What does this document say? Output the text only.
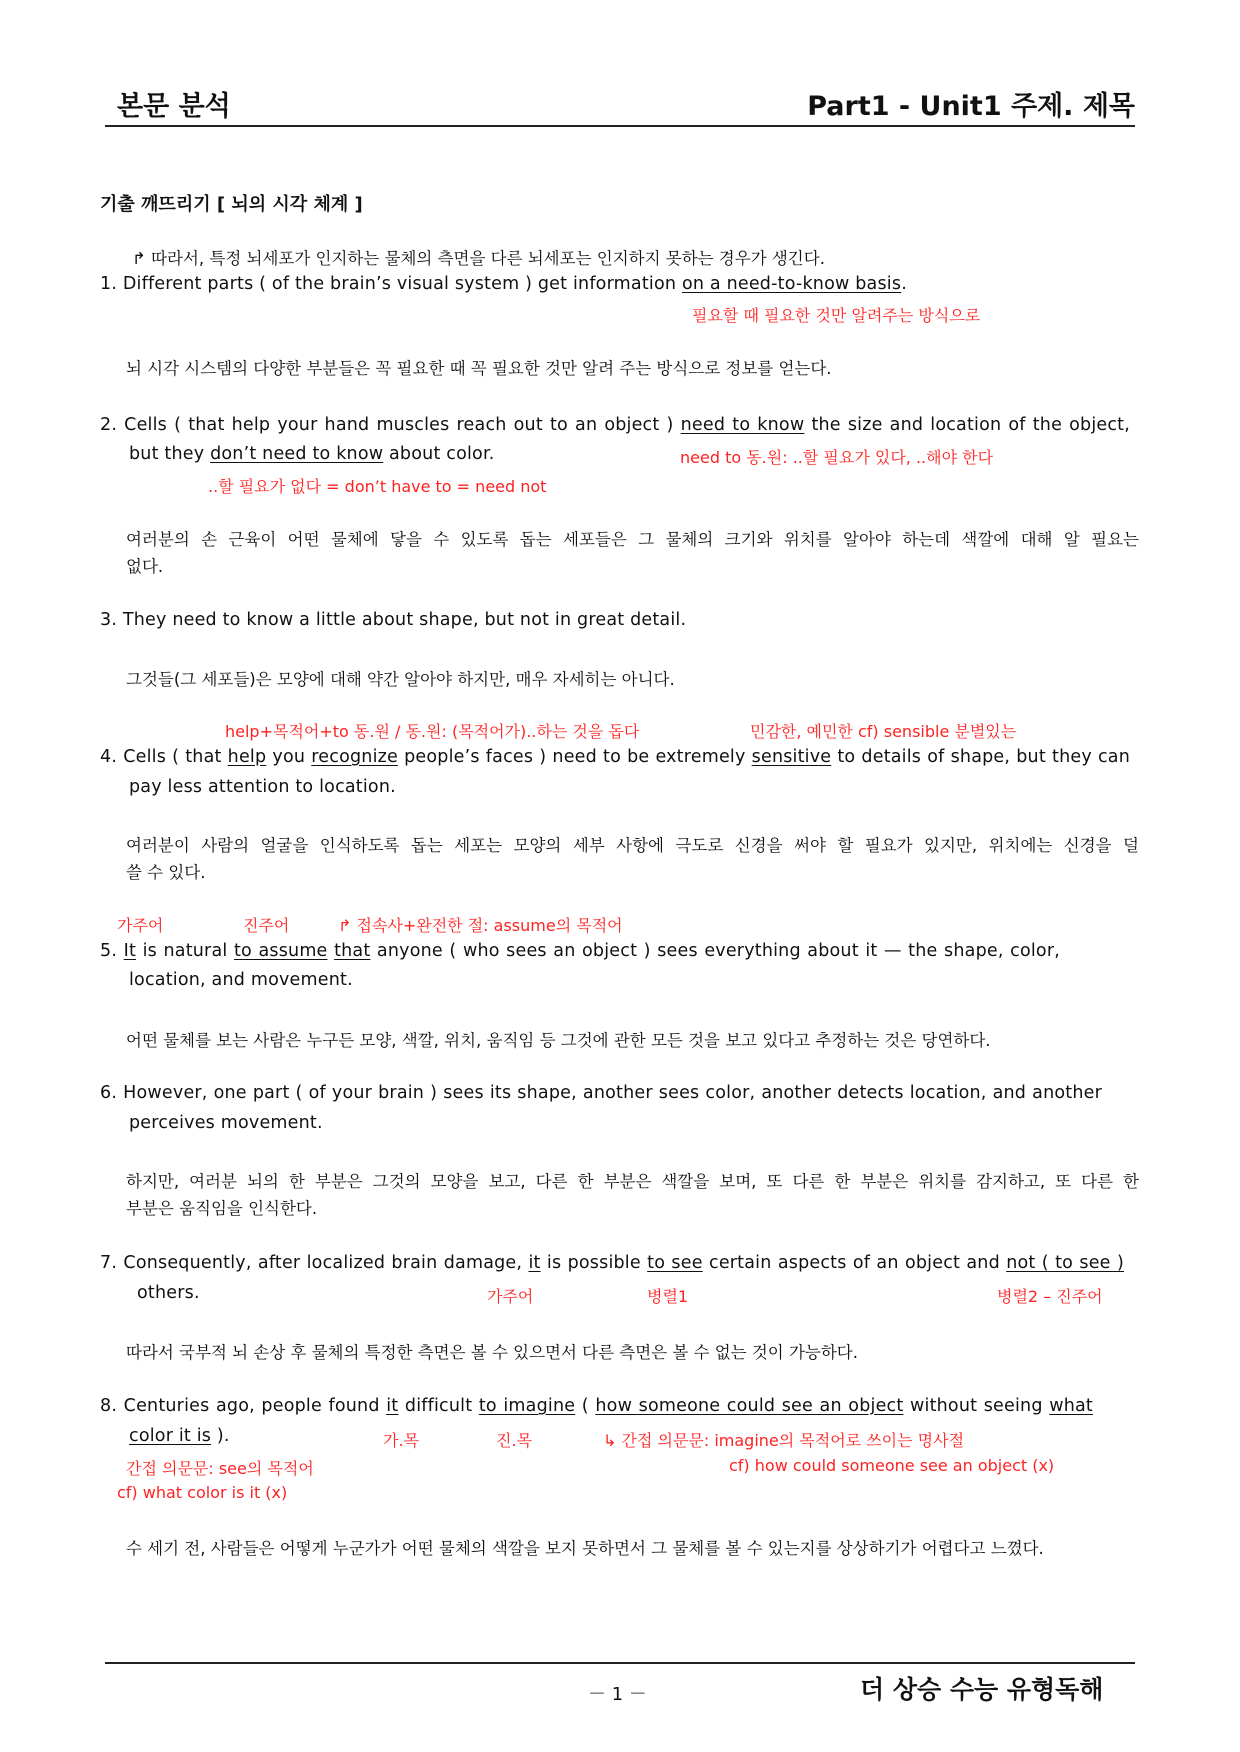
본문 분석	Part1 - Unit1 주제. 제목
기출 깨뜨리기 [ 뇌의 시각 체계 ]
↱ 따라서, 특정 뇌세포가 인지하는 물체의 측면을 다른 뇌세포는 인지하지 못하는 경우가 생긴다.
1. Different parts ( of the brain’s visual system ) get information on a need-to-know basis.
필요할 때 필요한 것만 알려주는 방식으로
뇌 시각 시스템의 다양한 부분들은 꼭 필요한 때 꼭 필요한 것만 알려 주는 방식으로 정보를 얻는다.
2. Cells ( that help your hand muscles reach out to an object ) need to know the size and location of the object,
but they don’t need to know about color.	need to 동.원: ..할 필요가 있다, ..해야 한다
..할 필요가 없다 = don’t have to = need not
여러분의 손 근육이 어떤 물체에 닿을 수 있도록 돕는 세포들은 그 물체의 크기와 위치를 알아야 하는데 색깔에 대해 알 필요는
없다.
3. They need to know a little about shape, but not in great detail.
그것들(그 세포들)은 모양에 대해 약간 알아야 하지만, 매우 자세히는 아니다.
help+목적어+to 동.원 / 동.원: (목적어가)..하는 것을 돕다	민감한, 예민한 cf) sensible 분별있는
4. Cells ( that help you recognize people’s faces ) need to be extremely sensitive to details of shape, but they can
pay less attention to location.
여러분이 사람의 얼굴을 인식하도록 돕는 세포는 모양의 세부 사항에 극도로 신경을 써야 할 필요가 있지만, 위치에는 신경을 덜
쓸 수 있다.
가주어	진주어	↱ 접속사+완전한 절: assume의 목적어
5. It is natural to assume that anyone ( who sees an object ) sees everything about it — the shape, color,
location, and movement.
어떤 물체를 보는 사람은 누구든 모양, 색깔, 위치, 움직임 등 그것에 관한 모든 것을 보고 있다고 추정하는 것은 당연하다.
6. However, one part ( of your brain ) sees its shape, another sees color, another detects location, and another
perceives movement.
하지만, 여러분 뇌의 한 부분은 그것의 모양을 보고, 다른 한 부분은 색깔을 보며, 또 다른 한 부분은 위치를 감지하고, 또 다른 한
부분은 움직임을 인식한다.
7. Consequently, after localized brain damage, it is possible to see certain aspects of an object and not ( to see )
others.	가주어	병렬1	병렬2 – 진주어
따라서 국부적 뇌 손상 후 물체의 특정한 측면은 볼 수 있으면서 다른 측면은 볼 수 없는 것이 가능하다.
8. Centuries ago, people found it difficult to imagine ( how someone could see an object without seeing what
color it is ).	가.목	진.목	↳ 간접 의문문: imagine의 목적어로 쓰이는 명사절
간접 의문문: see의 목적어	cf) how could someone see an object (x)
cf) what color is it (x)
수 세기 전, 사람들은 어떻게 누군가가 어떤 물체의 색깔을 보지 못하면서 그 물체를 볼 수 있는지를 상상하기가 어렵다고 느꼈다.
－ 1 －	더 상승 수능 유형독해
